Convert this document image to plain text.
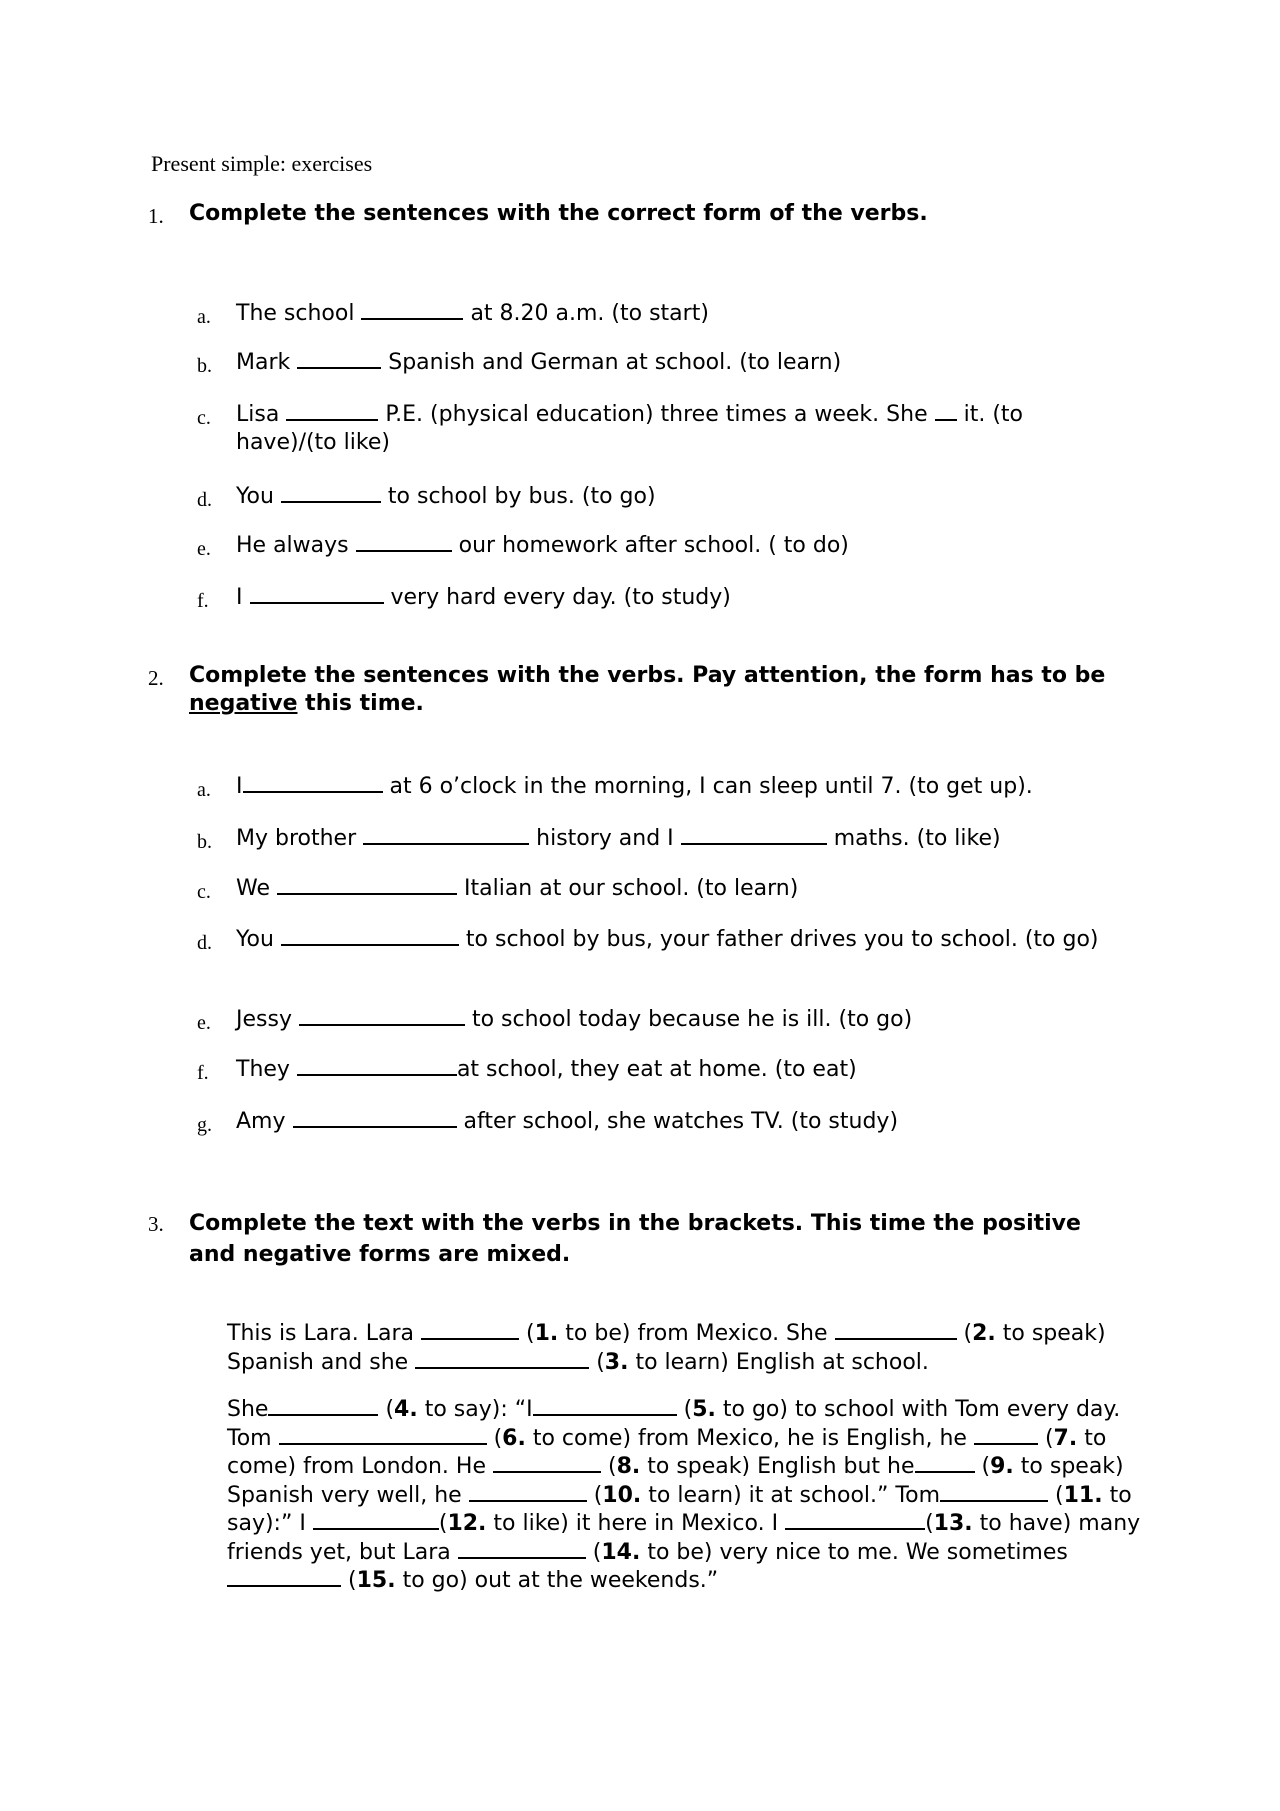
Present simple: exercises
1.	Complete the sentences with the correct form of the verbs.
a.	The school	at 8.20 a.m. (to start)
b.	Mark	Spanish and German at school. (to learn)
c.	Lisa	P.E. (physical education) three times a week. She it. (to have)/(to like)
d.	You	to school by bus. (to go)
e.	He always	our homework after school. ( to do)
f.	I	very hard every day. (to study)
2.	Complete the sentences with the verbs. Pay attention, the form has to be negative this time.
a.	I	at 6 o’clock in the morning, I can sleep until 7. (to get up).
b.	My brother	history and I	maths. (to like)
c.	We	Italian at our school. (to learn)
d.	You	to school by bus, your father drives you to school. (to go)
e.	Jessy	to school today because he is ill. (to go)
f.	They	at school, they eat at home. (to eat)
g.	Amy	after school, she watches TV. (to study)
3.	Complete the text with the verbs in the brackets. This time the positive and negative forms are mixed.
This is Lara. Lara	(1. to be) from Mexico. She	(2. to speak) Spanish and she	(3. to learn) English at school.
She	(4. to say): “I	(5. to go) to school with Tom every day. Tom	(6. to come) from Mexico, he is English, he	(7. to come) from London. He	(8. to speak) English but he	(9. to speak) Spanish very well, he	(10. to learn) it at school.” Tom	(11. to say):” I	(12. to like) it here in Mexico. I	(13. to have) many friends yet, but Lara	(14. to be) very nice to me. We sometimes  (15. to go) out at the weekends.”
